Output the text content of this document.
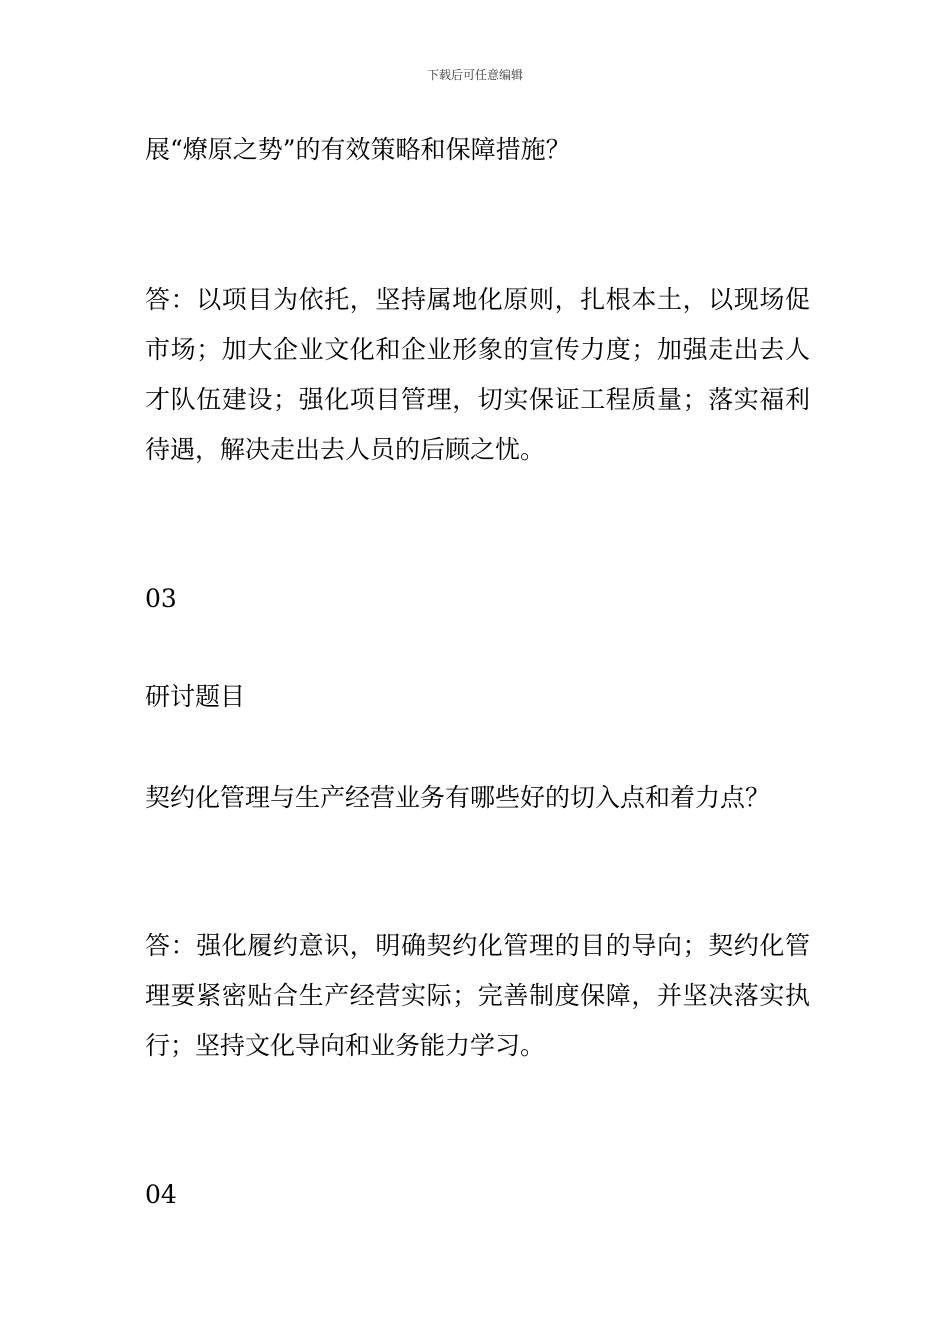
下载后可任意编辑

展“燎原之势”的有效策略和保障措施？

答：以项目为依托，坚持属地化原则，扎根本土，以现场促市场；加大企业文化和企业形象的宣传力度；加强走出去人才队伍建设；强化项目管理，切实保证工程质量；落实福利待遇，解决走出去人员的后顾之忧。

03

研讨题目

契约化管理与生产经营业务有哪些好的切入点和着力点？

答：强化履约意识，明确契约化管理的目的导向；契约化管理要紧密贴合生产经营实际；完善制度保障，并坚决落实执行；坚持文化导向和业务能力学习。

04
